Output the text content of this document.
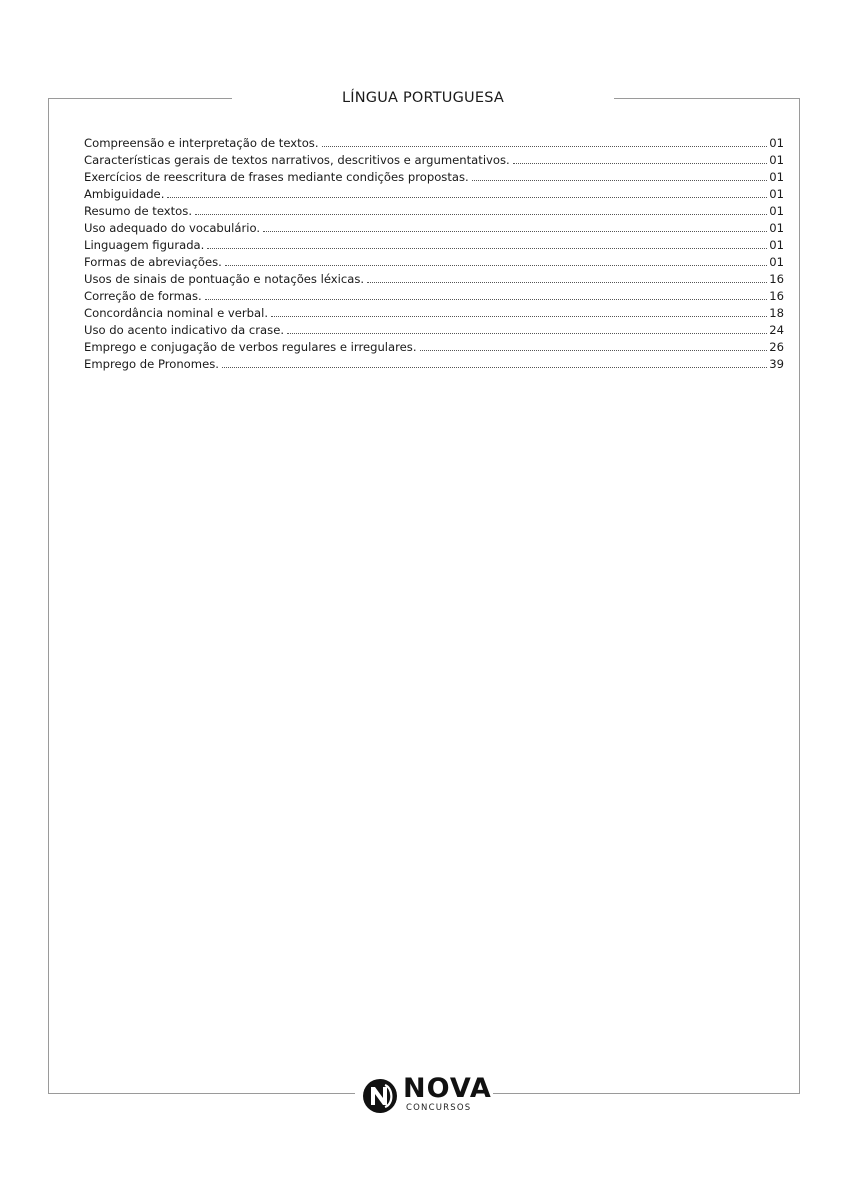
LÍNGUA PORTUGUESA
Compreensão e interpretação de textos.	01
Características gerais de textos narrativos, descritivos e argumentativos.	01
Exercícios de reescritura de frases mediante condições propostas.	01
Ambiguidade.	01
Resumo de textos.	01
Uso adequado do vocabulário.	01
Linguagem figurada.	01
Formas de abreviações.	01
Usos de sinais de pontuação e notações léxicas.	16
Correção de formas.	16
Concordância nominal e verbal.	18
Uso do acento indicativo da crase.	24
Emprego e conjugação de verbos regulares e irregulares.	26
Emprego de Pronomes.	39
NOVA
CONCURSOS
